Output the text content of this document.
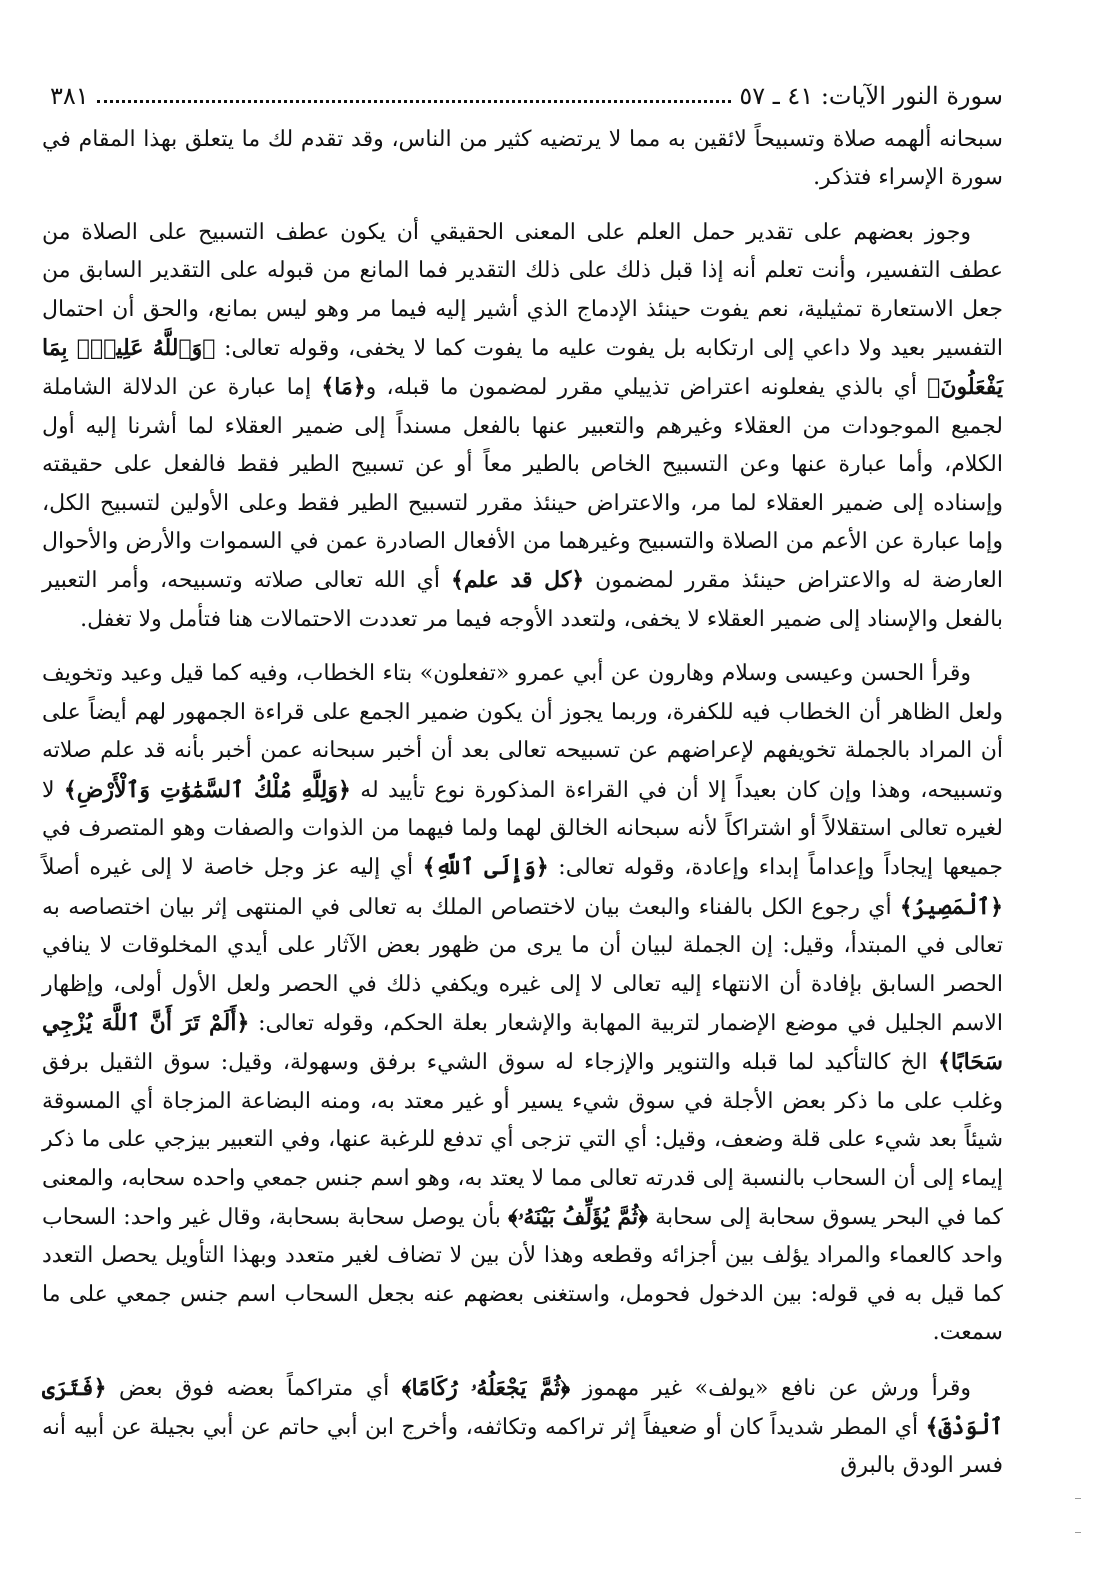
سورة النور الآيات: ٤١ ـ ٥٧
٣٨١

سبحانه ألهمه صلاة وتسبيحاً لائقين به مما لا يرتضيه كثير من الناس، وقد تقدم لك ما يتعلق بهذا المقام في سورة الإسراء فتذكر.

وجوز بعضهم على تقدير حمل العلم على المعنى الحقيقي أن يكون عطف التسبيح على الصلاة من عطف التفسير، وأنت تعلم أنه إذا قبل ذلك على ذلك التقدير فما المانع من قبوله على التقدير السابق من جعل الاستعارة تمثيلية، نعم يفوت حينئذ الإدماج الذي أشير إليه فيما مر وهو ليس بمانع، والحق أن احتمال التفسير بعيد ولا داعي إلى ارتكابه بل يفوت عليه ما يفوت كما لا يخفى، وقوله تعالى: ﴿وَٱللَّهُ عَلِيمٌۢ بِمَا يَفْعَلُونَ﴾ أي بالذي يفعلونه اعتراض تذييلي مقرر لمضمون ما قبله، و﴿مَا﴾ إما عبارة عن الدلالة الشاملة لجميع الموجودات من العقلاء وغيرهم والتعبير عنها بالفعل مسنداً إلى ضمير العقلاء لما أشرنا إليه أول الكلام، وأما عبارة عنها وعن التسبيح الخاص بالطير معاً أو عن تسبيح الطير فقط فالفعل على حقيقته وإسناده إلى ضمير العقلاء لما مر، والاعتراض حينئذ مقرر لتسبيح الطير فقط وعلى الأولين لتسبيح الكل، وإما عبارة عن الأعم من الصلاة والتسبيح وغيرهما من الأفعال الصادرة عمن في السموات والأرض والأحوال العارضة له والاعتراض حينئذ مقرر لمضمون ﴿كل قد علم﴾ أي الله تعالى صلاته وتسبيحه، وأمر التعبير بالفعل والإسناد إلى ضمير العقلاء لا يخفى، ولتعدد الأوجه فيما مر تعددت الاحتمالات هنا فتأمل ولا تغفل.

وقرأ الحسن وعيسى وسلام وهارون عن أبي عمرو «تفعلون» بتاء الخطاب، وفيه كما قيل وعيد وتخويف ولعل الظاهر أن الخطاب فيه للكفرة، وربما يجوز أن يكون ضمير الجمع على قراءة الجمهور لهم أيضاً على أن المراد بالجملة تخويفهم لإعراضهم عن تسبيحه تعالى بعد أن أخبر سبحانه عمن أخبر بأنه قد علم صلاته وتسبيحه، وهذا وإن كان بعيداً إلا أن في القراءة المذكورة نوع تأييد له ﴿وَلِلَّهِ مُلْكُ ٱلسَّمَٰوَٰتِ وَٱلْأَرْضِ﴾ لا لغيره تعالى استقلالاً أو اشتراكاً لأنه سبحانه الخالق لهما ولما فيهما من الذوات والصفات وهو المتصرف في جميعها إيجاداً وإعداماً إبداء وإعادة، وقوله تعالى: ﴿وَإِلَى ٱللَّهِ﴾ أي إليه عز وجل خاصة لا إلى غيره أصلاً ﴿ٱلْمَصِيرُ﴾ أي رجوع الكل بالفناء والبعث بيان لاختصاص الملك به تعالى في المنتهى إثر بيان اختصاصه به تعالى في المبتدأ، وقيل: إن الجملة لبيان أن ما يرى من ظهور بعض الآثار على أيدي المخلوقات لا ينافي الحصر السابق بإفادة أن الانتهاء إليه تعالى لا إلى غيره ويكفي ذلك في الحصر ولعل الأول أولى، وإظهار الاسم الجليل في موضع الإضمار لتربية المهابة والإشعار بعلة الحكم، وقوله تعالى: ﴿أَلَمْ تَرَ أَنَّ ٱللَّهَ يُزْجِي سَحَابًا﴾ الخ كالتأكيد لما قبله والتنوير والإزجاء له سوق الشيء برفق وسهولة، وقيل: سوق الثقيل برفق وغلب على ما ذكر بعض الأجلة في سوق شيء يسير أو غير معتد به، ومنه البضاعة المزجاة أي المسوقة شيئاً بعد شيء على قلة وضعف، وقيل: أي التي تزجى أي تدفع للرغبة عنها، وفي التعبير بيزجي على ما ذكر إيماء إلى أن السحاب بالنسبة إلى قدرته تعالى مما لا يعتد به، وهو اسم جنس جمعي واحده سحابه، والمعنى كما في البحر يسوق سحابة إلى سحابة ﴿ثُمَّ يُؤَلِّفُ بَيْنَهُۥ﴾ بأن يوصل سحابة بسحابة، وقال غير واحد: السحاب واحد كالعماء والمراد يؤلف بين أجزائه وقطعه وهذا لأن بين لا تضاف لغير متعدد وبهذا التأويل يحصل التعدد كما قيل به في قوله: بين الدخول فحومل، واستغنى بعضهم عنه بجعل السحاب اسم جنس جمعي على ما سمعت.

وقرأ ورش عن نافع «يولف» غير مهموز ﴿ثُمَّ يَجْعَلُهُۥ رُكَامًا﴾ أي متراكماً بعضه فوق بعض ﴿فَتَرَى ٱلْوَدْقَ﴾ أي المطر شديداً كان أو ضعيفاً إثر تراكمه وتكاثفه، وأخرج ابن أبي حاتم عن أبي بجيلة عن أبيه أنه فسر الودق بالبرق
